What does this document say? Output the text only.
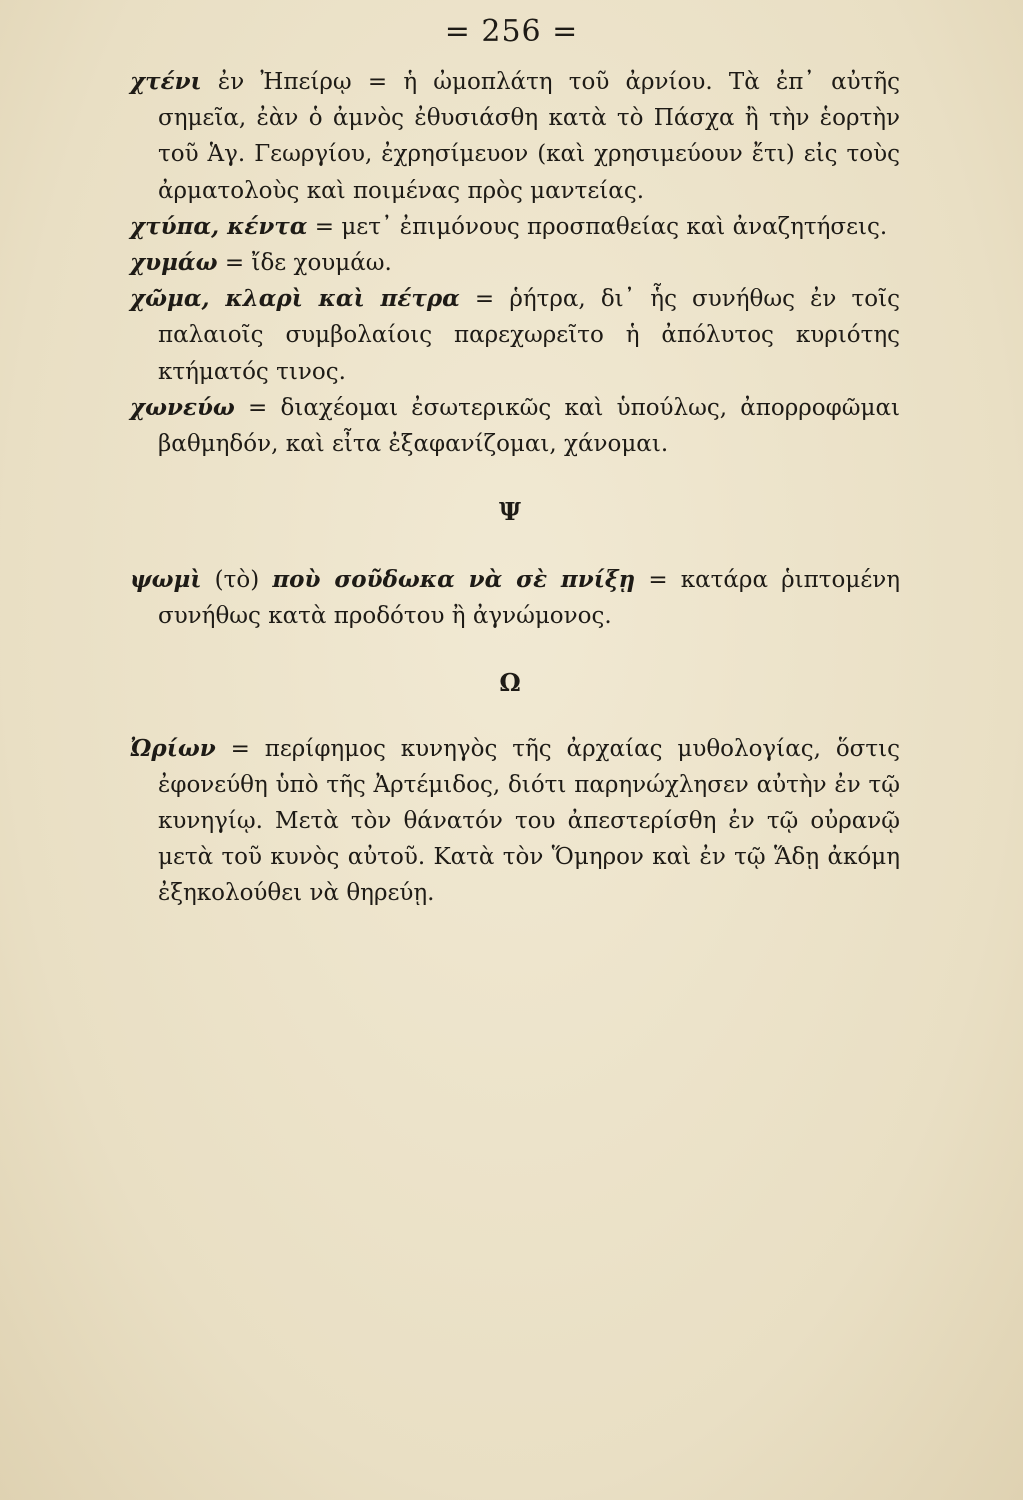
= 256 =

χτένι ἐν Ἠπείρῳ = ἡ ὠμοπλάτη τοῦ ἀρνίου. Τὰ ἐπ᾽ αὐτῆς σημεῖα, ἐὰν ὁ ἀμνὸς ἐθυσιάσθη κατὰ τὸ Πάσχα ἢ τὴν ἑορτὴν τοῦ Ἁγ. Γεωργίου, ἐχρησίμευον (καὶ χρησιμεύουν ἔτι) εἰς τοὺς ἀρματολοὺς καὶ ποιμένας πρὸς μαντείας.

χτύπα, κέντα = μετ᾽ ἐπιμόνους προσπαθείας καὶ ἀναζητήσεις.

χυμάω = ἴδε χουμάω.

χῶμα, κλαρὶ καὶ πέτρα = ῥήτρα, δι᾽ ἧς συνήθως ἐν τοῖς παλαιοῖς συμβολαίοις παρεχωρεῖτο ἡ ἀπόλυτος κυριότης κτήματός τινος.

χωνεύω = διαχέομαι ἐσωτερικῶς καὶ ὑπούλως, ἀπορροφῶμαι βαθμηδόν, καὶ εἶτα ἐξαφανίζομαι, χάνομαι.

Ψ

ψωμὶ (τὸ) ποὺ σοῦδωκα νὰ σὲ πνίξῃ = κατάρα ῥιπτομένη συνήθως κατὰ προδότου ἢ ἀγνώμονος.

Ω

Ὠρίων = περίφημος κυνηγὸς τῆς ἀρχαίας μυθολογίας, ὅστις ἐφονεύθη ὑπὸ τῆς Ἀρτέμιδος, διότι παρηνώχλησεν αὐτὴν ἐν τῷ κυνηγίῳ. Μετὰ τὸν θάνατόν του ἀπεστερίσθη ἐν τῷ οὐρανῷ μετὰ τοῦ κυνὸς αὐτοῦ. Κατὰ τὸν Ὅμηρον καὶ ἐν τῷ Ἅδῃ ἀκόμη ἐξηκολούθει νὰ θηρεύῃ.
